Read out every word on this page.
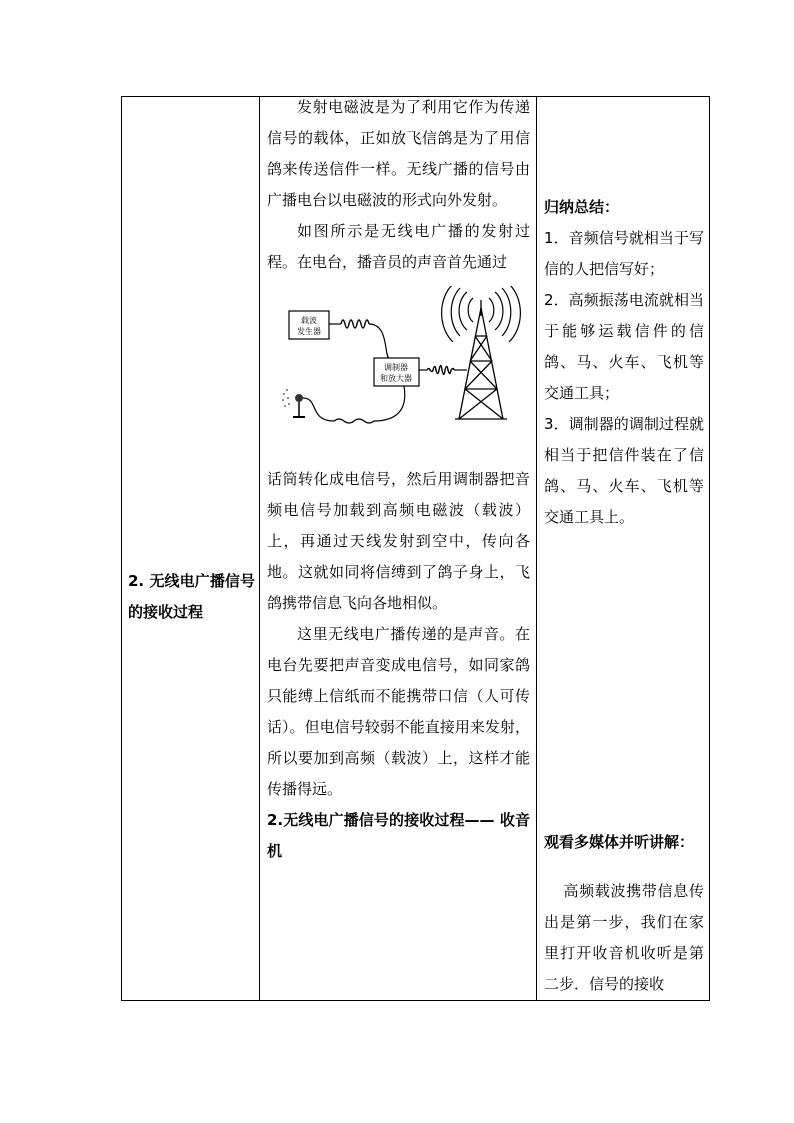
2. 无线电广播信号的接收过程

发射电磁波是为了利用它作为传递信号的载体，正如放飞信鸽是为了用信鸽来传送信件一样。无线广播的信号由广播电台以电磁波的形式向外发射。

如图所示是无线电广播的发射过程。在电台，播音员的声音首先通过

载波
发生器
调制器
和放大器

话筒转化成电信号，然后用调制器把音频电信号加载到高频电磁波（载波）上，再通过天线发射到空中，传向各地。这就如同将信缚到了鸽子身上，飞鸽携带信息飞向各地相似。

这里无线电广播传递的是声音。在电台先要把声音变成电信号，如同家鸽只能缚上信纸而不能携带口信（人可传话）。但电信号较弱不能直接用来发射，所以要加到高频（载波）上，这样才能传播得远。

2.无线电广播信号的接收过程—— 收音机

归纳总结：

1．音频信号就相当于写信的人把信写好；

2．高频振荡电流就相当于能够运载信件的信鸽、马、火车、飞机等交通工具；

3．调制器的调制过程就相当于把信件装在了信鸽、马、火车、飞机等交通工具上。

观看多媒体并听讲解：

高频载波携带信息传出是第一步，我们在家里打开收音机收听是第二步．信号的接收
